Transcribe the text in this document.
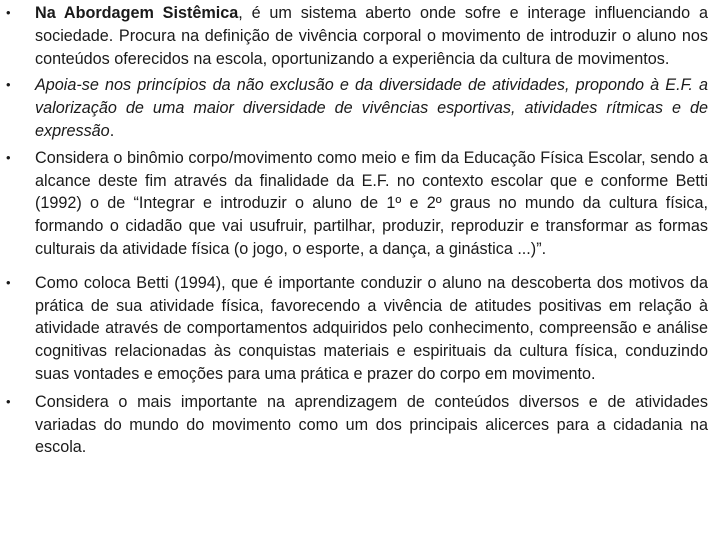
• Na Abordagem Sistêmica, é um sistema aberto onde sofre e interage influenciando a sociedade. Procura na definição de vivência corporal o movimento de introduzir o aluno nos conteúdos oferecidos na escola, oportunizando a experiência da cultura de movimentos.
• Apoia-se nos princípios da não exclusão e da diversidade de atividades, propondo à E.F. a valorização de uma maior diversidade de vivências esportivas, atividades rítmicas e de expressão.
• Considera o binômio corpo/movimento como meio e fim da Educação Física Escolar, sendo a alcance deste fim através da finalidade da E.F. no contexto escolar que e conforme Betti (1992) o de “Integrar e introduzir o aluno de 1º e 2º graus no mundo da cultura física, formando o cidadão que vai usufruir, partilhar, produzir, reproduzir e transformar as formas culturais da atividade física (o jogo, o esporte, a dança, a ginástica ...)”.
• Como coloca Betti (1994), que é importante conduzir o aluno na descoberta dos motivos da prática de sua atividade física, favorecendo a vivência de atitudes positivas em relação à atividade através de comportamentos adquiridos pelo conhecimento, compreensão e análise cognitivas relacionadas às conquistas materiais e espirituais da cultura física, conduzindo suas vontades e emoções para uma prática e prazer do corpo em movimento.
• Considera o mais importante na aprendizagem de conteúdos diversos e de atividades variadas do mundo do movimento como um dos principais alicerces para a cidadania na escola.
